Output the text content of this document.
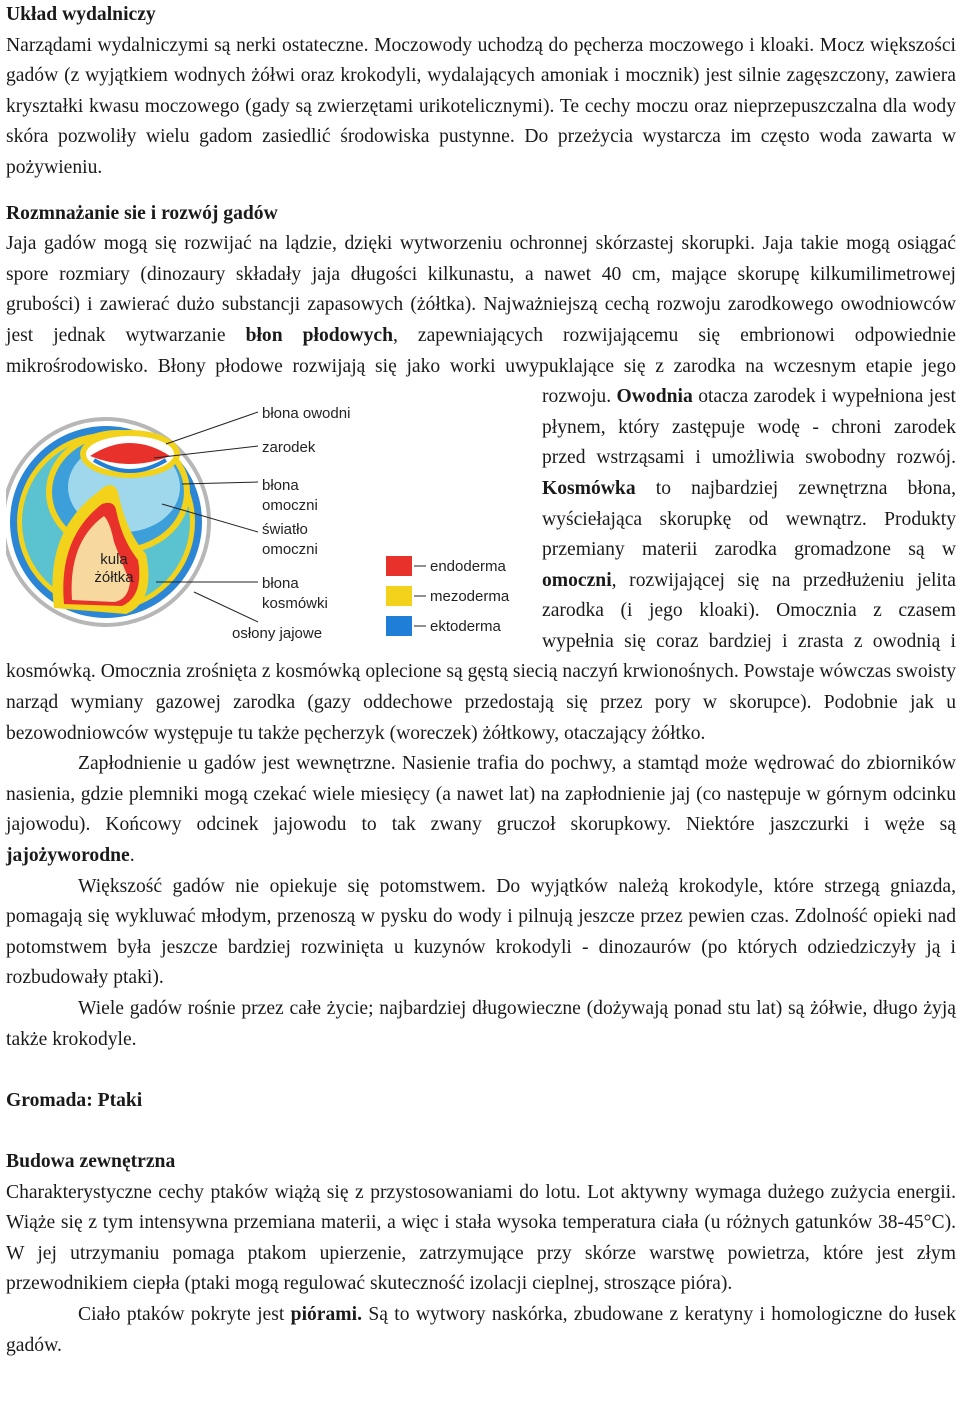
Układ wydalniczy

Narządami wydalniczymi są nerki ostateczne. Moczowody uchodzą do pęcherza moczowego i kloaki. Mocz większości gadów (z wyjątkiem wodnych żółwi oraz krokodyli, wydalających amoniak i mocznik) jest silnie zagęszczony, zawiera kryształki kwasu moczowego (gady są zwierzętami urikotelicznymi). Te cechy moczu oraz nieprzepuszczalna dla wody skóra pozwoliły wielu gadom zasiedlić środowiska pustynne. Do przeżycia wystarcza im często woda zawarta w pożywieniu.

Rozmnażanie sie i rozwój gadów

Jaja gadów mogą się rozwijać na lądzie, dzięki wytworzeniu ochronnej skórzastej skorupki. Jaja takie mogą osiągać spore rozmiary (dinozaury składały jaja długości kilkunastu, a nawet 40 cm, mające skorupę kilkumilimetrowej grubości) i zawierać dużo substancji zapasowych (żółtka). Najważniejszą cechą rozwoju zarodkowego owodniowców jest jednak wytwarzanie błon płodowych, zapewniających rozwijającemu się embrionowi odpowiednie mikrośrodowisko. Błony płodowe rozwijają się jako worki uwypuklające się z zarodka na wczesnym etapie jego rozwoju.
błona owodni
zarodek
błona
omoczni
światło
omoczni
kula
żółtka	błona
kosmówki
osłony jajowe
endoderma
mezoderma
ektoderma
Owodnia otacza zarodek i wypełniona jest płynem, który zastępuje wodę - chroni zarodek przed wstrząsami i umożliwia swobodny rozwój. Kosmówka to najbardziej zewnętrzna błona, wyściełająca skorupkę od wewnątrz. Produkty przemiany materii zarodka gromadzone są w omoczni, rozwijającej się na przedłużeniu jelita zarodka (i jego kloaki). Omocznia z czasem wypełnia się coraz bardziej i zrasta z owodnią i kosmówką. Omocznia zrośnięta z kosmówką oplecione są gęstą siecią naczyń krwionośnych. Powstaje wówczas swoisty narząd wymiany gazowej zarodka (gazy oddechowe przedostają się przez pory w skorupce). Podobnie jak u bezowodniowców występuje tu także pęcherzyk (woreczek) żółtkowy, otaczający żółtko.

Zapłodnienie u gadów jest wewnętrzne. Nasienie trafia do pochwy, a stamtąd może wędrować do zbiorników nasienia, gdzie plemniki mogą czekać wiele miesięcy (a nawet lat) na zapłodnienie jaj (co następuje w górnym odcinku jajowodu). Końcowy odcinek jajowodu to tak zwany gruczoł skorupkowy. Niektóre jaszczurki i węże są jajożyworodne.

Większość gadów nie opiekuje się potomstwem. Do wyjątków należą krokodyle, które strzegą gniazda, pomagają się wykluwać młodym, przenoszą w pysku do wody i pilnują jeszcze przez pewien czas. Zdolność opieki nad potomstwem była jeszcze bardziej rozwinięta u kuzynów krokodyli - dinozaurów (po których odziedziczyły ją i rozbudowały ptaki).

Wiele gadów rośnie przez całe życie; najbardziej długowieczne (dożywają ponad stu lat) są żółwie, długo żyją także krokodyle.

Gromada: Ptaki

Budowa zewnętrzna

Charakterystyczne cechy ptaków wiążą się z przystosowaniami do lotu. Lot aktywny wymaga dużego zużycia energii. Wiąże się z tym intensywna przemiana materii, a więc i stała wysoka temperatura ciała (u różnych gatunków 38-45°C). W jej utrzymaniu pomaga ptakom upierzenie, zatrzymujące przy skórze warstwę powietrza, które jest złym przewodnikiem ciepła (ptaki mogą regulować skuteczność izolacji cieplnej, stroszące pióra).

Ciało ptaków pokryte jest piórami. Są to wytwory naskórka, zbudowane z keratyny i homologiczne do łusek gadów.
